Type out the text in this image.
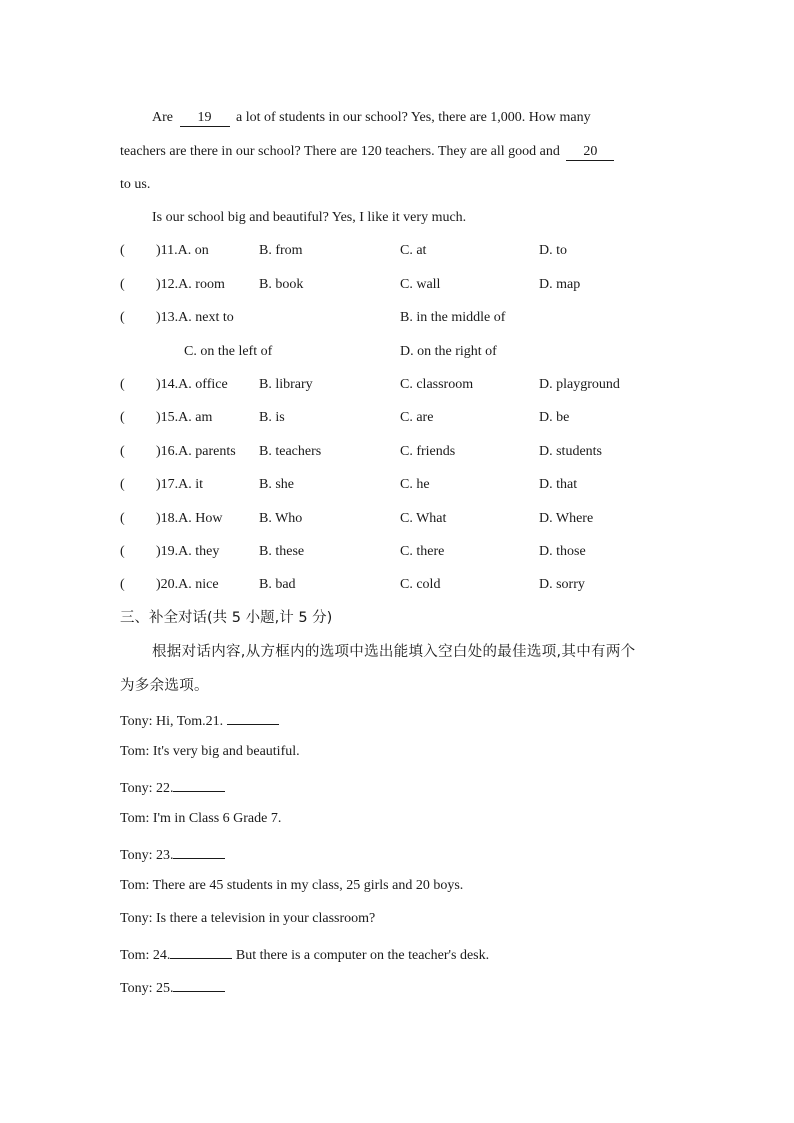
Are 19 a lot of students in our school? Yes, there are 1,000. How many
teachers are there in our school? There are 120 teachers. They are all good and 20
to us.
Is our school big and beautiful? Yes, I like it very much.
( )11.A. on	B. from	C. at	D. to
( )12.A. room B. book	C. wall	D. map
( )13.A. next to	B. in the middle of
C. on the left of	D. on the right of
( )14.A. office B. library	C. classroom	D. playground
( )15.A. am	B. is	C. are	D. be
( )16.A. parents B. teachers	C. friends	D. students
( )17.A. it	B. she	C. he	D. that
( )18.A. How	B. Who	C. What	D. Where
( )19.A. they	B. these	C. there	D. those
( )20.A. nice	B. bad	C. cold	D. sorry
三、补全对话(共 5 小题,计 5 分)
根据对话内容,从方框内的选项中选出能填入空白处的最佳选项,其中有两个
为多余选项。
Tony: Hi, Tom.21.
Tom: It's very big and beautiful.
Tony: 22.
Tom: I'm in Class 6 Grade 7.
Tony: 23.
Tom: There are 45 students in my class, 25 girls and 20 boys.
Tony: Is there a television in your classroom?
Tom: 24.	But there is a computer on the teacher's desk.
Tony: 25.
